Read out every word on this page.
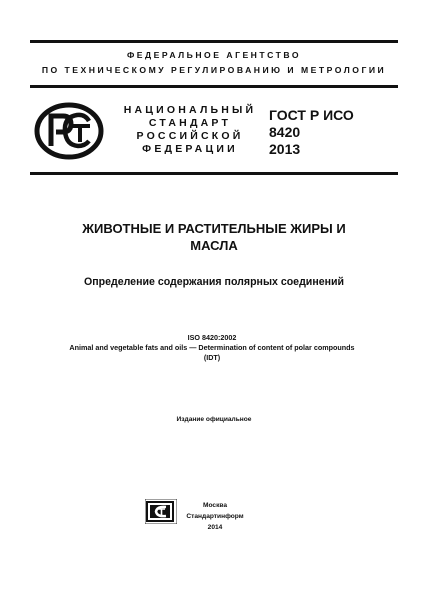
ФЕДЕРАЛЬНОЕ АГЕНТСТВО
ПО ТЕХНИЧЕСКОМУ РЕГУЛИРОВАНИЮ И МЕТРОЛОГИИ
НАЦИОНАЛЬНЫЙ
СТАНДАРТ
РОССИЙСКОЙ
ФЕДЕРАЦИИ
ГОСТ Р ИСО
8420
2013
ЖИВОТНЫЕ И РАСТИТЕЛЬНЫЕ ЖИРЫ И
МАСЛА
Определение содержания полярных соединений
ISO 8420:2002
Animal and vegetable fats and oils — Determination of content of polar compounds
(IDT)
Издание официальное
Москва
Стандартинформ
2014
